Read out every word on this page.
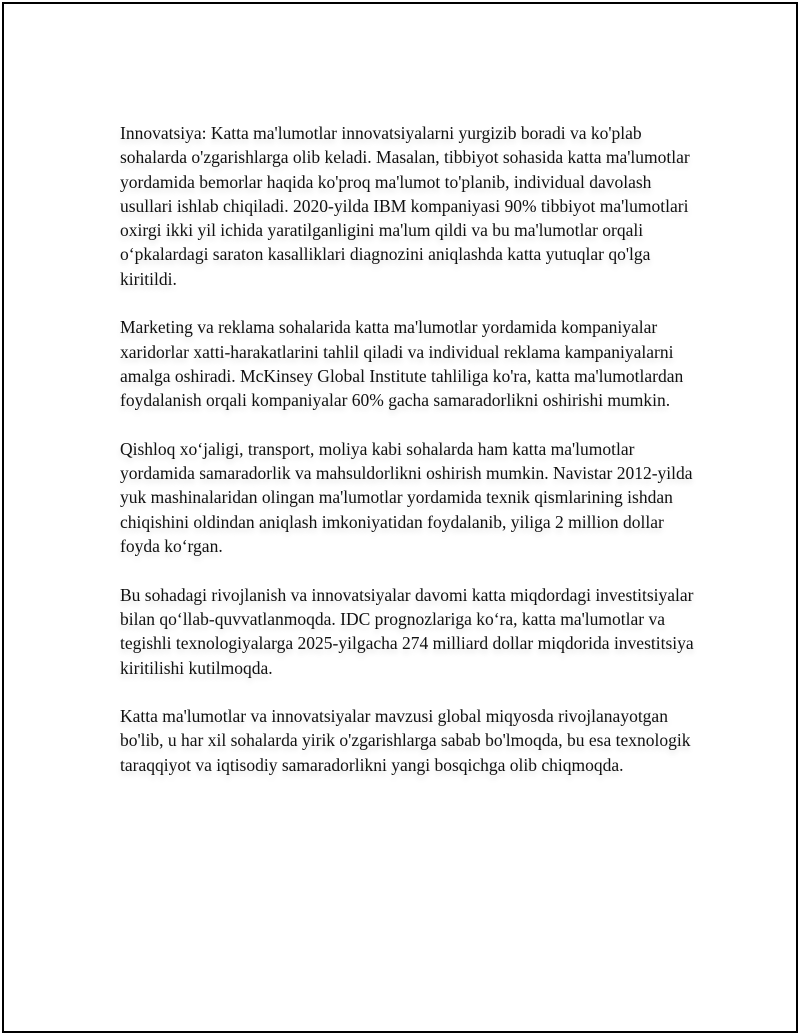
Innovatsiya: Katta ma'lumotlar innovatsiyalarni yurgizib boradi va ko'plab sohalarda o'zgarishlarga olib keladi. Masalan, tibbiyot sohasida katta ma'lumotlar yordamida bemorlar haqida ko'proq ma'lumot to'planib, individual davolash usullari ishlab chiqiladi. 2020-yilda IBM kompaniyasi 90% tibbiyot ma'lumotlari oxirgi ikki yil ichida yaratilganligini ma'lum qildi va bu ma'lumotlar orqali oʻpkalardagi saraton kasalliklari diagnozini aniqlashda katta yutuqlar qo'lga kiritildi.

Marketing va reklama sohalarida katta ma'lumotlar yordamida kompaniyalar xaridorlar xatti-harakatlarini tahlil qiladi va individual reklama kampaniyalarni amalga oshiradi. McKinsey Global Institute tahliliga ko'ra, katta ma'lumotlardan foydalanish orqali kompaniyalar 60% gacha samaradorlikni oshirishi mumkin.

Qishloq xoʻjaligi, transport, moliya kabi sohalarda ham katta ma'lumotlar yordamida samaradorlik va mahsuldorlikni oshirish mumkin. Navistar 2012-yilda yuk mashinalaridan olingan ma'lumotlar yordamida texnik qismlarining ishdan chiqishini oldindan aniqlash imkoniyatidan foydalanib, yiliga 2 million dollar foyda koʻrgan.

Bu sohadagi rivojlanish va innovatsiyalar davomi katta miqdordagi investitsiyalar bilan qoʻllab-quvvatlanmoqda. IDC prognozlariga koʻra, katta ma'lumotlar va tegishli texnologiyalarga 2025-yilgacha 274 milliard dollar miqdorida investitsiya kiritilishi kutilmoqda.

Katta ma'lumotlar va innovatsiyalar mavzusi global miqyosda rivojlanayotgan bo'lib, u har xil sohalarda yirik o'zgarishlarga sabab bo'lmoqda, bu esa texnologik taraqqiyot va iqtisodiy samaradorlikni yangi bosqichga olib chiqmoqda.
